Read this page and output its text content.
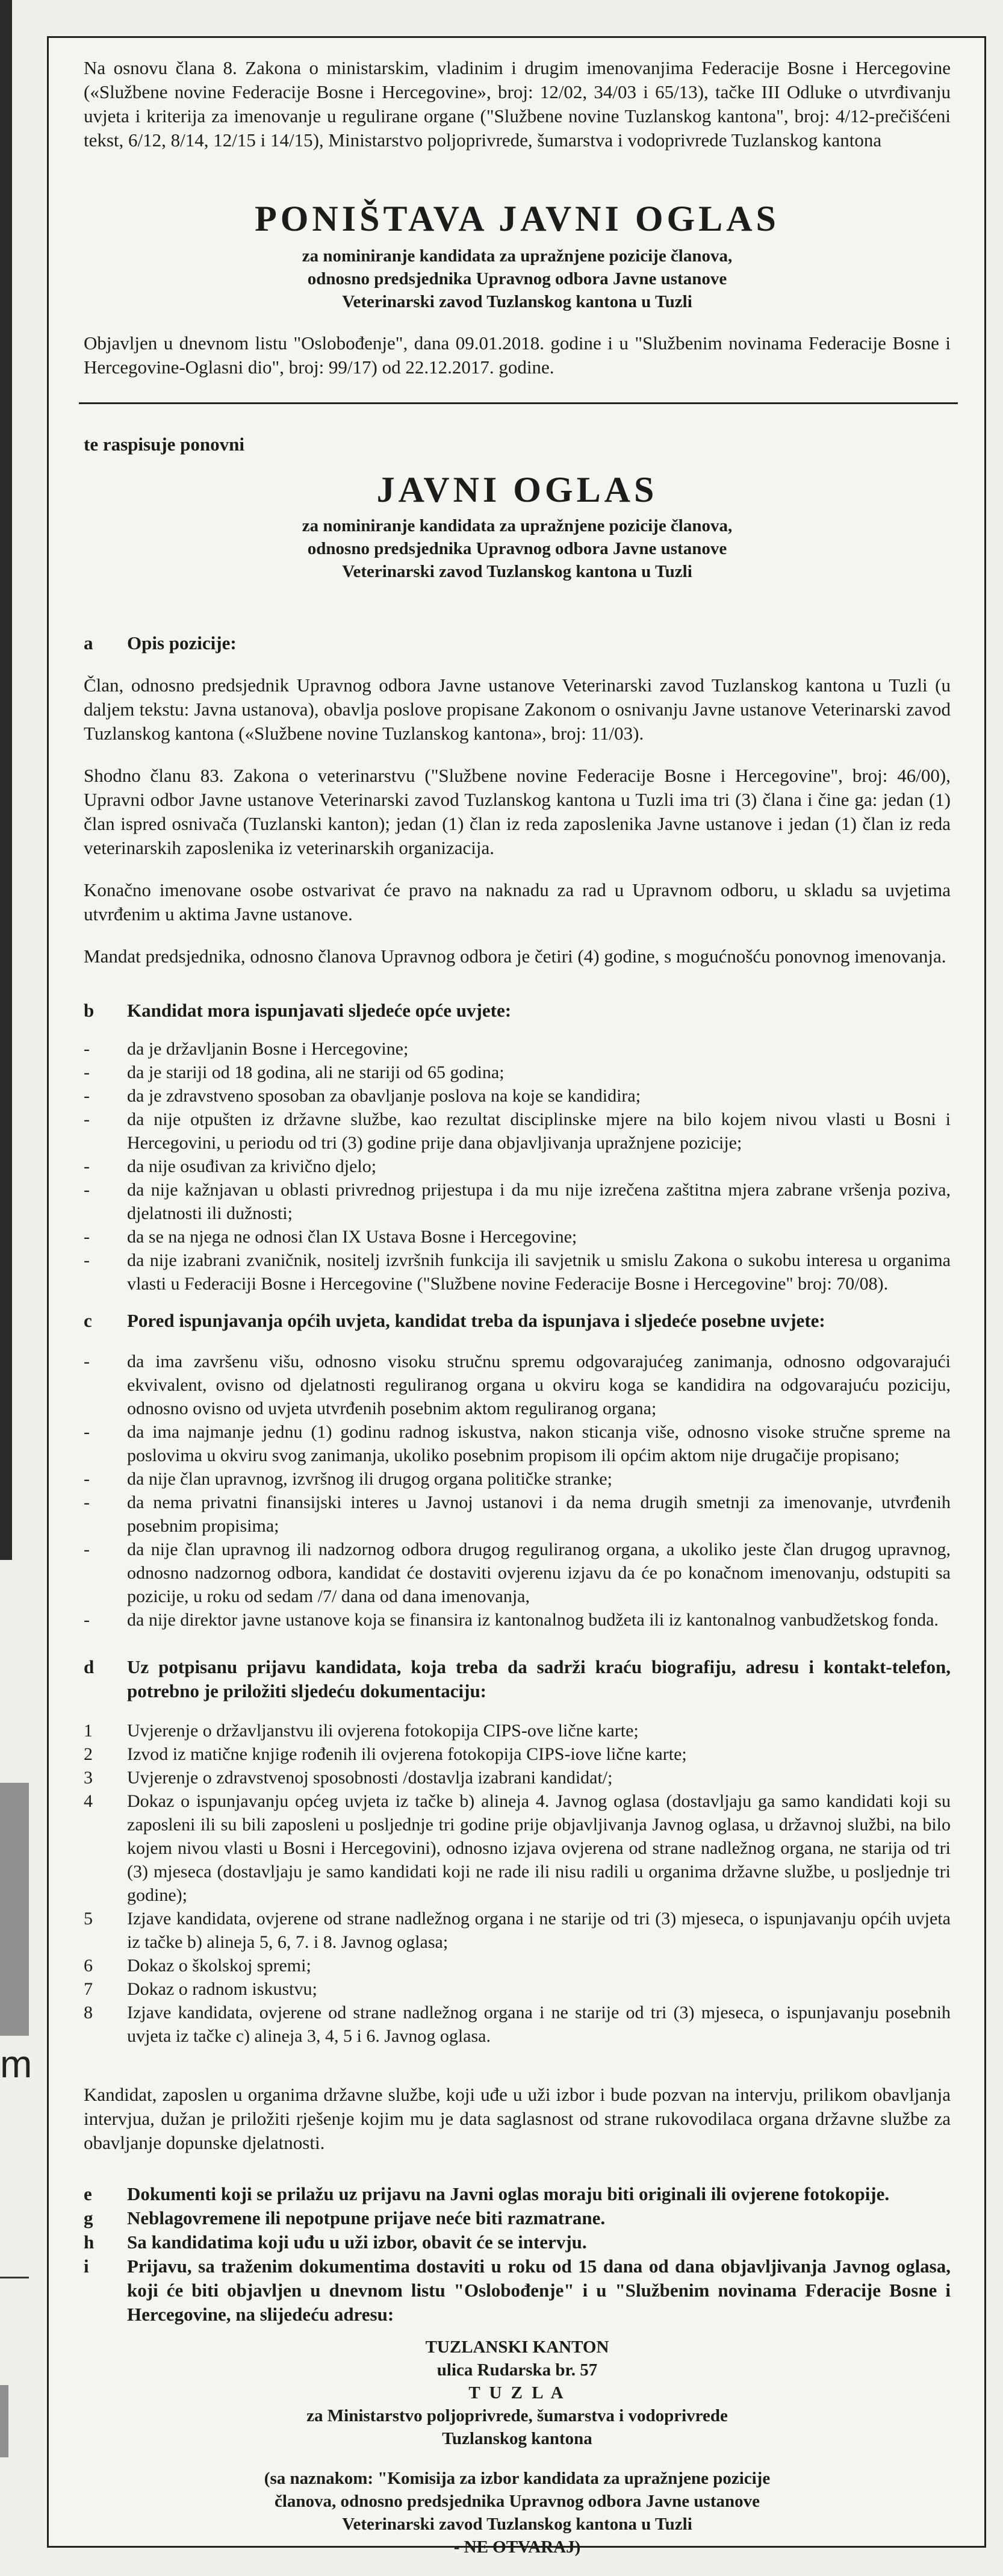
m

Na osnovu člana 8. Zakona o ministarskim, vladinim i drugim imenovanjima Federacije Bosne i Hercegovine («Službene novine Federacije Bosne i Hercegovine», broj: 12/02, 34/03 i 65/13), tačke III Odluke o utvrđivanju uvjeta i kriterija za imenovanje u regulirane organe ("Službene novine Tuzlanskog kantona", broj: 4/12-prečišćeni tekst, 6/12, 8/14, 12/15 i 14/15), Ministarstvo poljoprivrede, šumarstva i vodoprivrede Tuzlanskog kantona

PONIŠTAVA JAVNI OGLAS

za nominiranje kandidata za upražnjene pozicije članova,

odnosno predsjednika Upravnog odbora Javne ustanove

Veterinarski zavod Tuzlanskog kantona u Tuzli

Objavljen u dnevnom listu "Oslobođenje", dana 09.01.2018. godine i u "Službenim novinama Federacije Bosne i Hercegovine-Oglasni dio", broj: 99/17) od 22.12.2017. godine.

te raspisuje ponovni

JAVNI OGLAS

za nominiranje kandidata za upražnjene pozicije članova,

odnosno predsjednika Upravnog odbora Javne ustanove

Veterinarski zavod Tuzlanskog kantona u Tuzli

a Opis pozicije:

Član, odnosno predsjednik Upravnog odbora Javne ustanove Veterinarski zavod Tuzlanskog kantona u Tuzli (u daljem tekstu: Javna ustanova), obavlja poslove propisane Zakonom o osnivanju Javne ustanove Veterinarski zavod Tuzlanskog kantona («Službene novine Tuzlanskog kantona», broj: 11/03).

Shodno članu 83. Zakona o veterinarstvu ("Službene novine Federacije Bosne i Hercegovine", broj: 46/00), Upravni odbor Javne ustanove Veterinarski zavod Tuzlanskog kantona u Tuzli ima tri (3) člana i čine ga: jedan (1) član ispred osnivača (Tuzlanski kanton); jedan (1) član iz reda zaposlenika Javne ustanove i jedan (1) član iz reda veterinarskih zaposlenika iz veterinarskih organizacija.

Konačno imenovane osobe ostvarivat će pravo na naknadu za rad u Upravnom odboru, u skladu sa uvjetima utvrđenim u aktima Javne ustanove.

Mandat predsjednika, odnosno članova Upravnog odbora je četiri (4) godine, s mogućnošću ponovnog imenovanja.

b Kandidat mora ispunjavati sljedeće opće uvjete:

-	da je državljanin Bosne i Hercegovine;
-	da je stariji od 18 godina, ali ne stariji od 65 godina;
-	da je zdravstveno sposoban za obavljanje poslova na koje se kandidira;
-	da nije otpušten iz državne službe, kao rezultat disciplinske mjere na bilo kojem nivou vlasti u Bosni i Hercegovini, u periodu od tri (3) godine prije dana objavljivanja upražnjene pozicije;
-	da nije osuđivan za krivično djelo;
-	da nije kažnjavan u oblasti privrednog prijestupa i da mu nije izrečena zaštitna mjera zabrane vršenja poziva, djelatnosti ili dužnosti;
-	da se na njega ne odnosi član IX Ustava Bosne i Hercegovine;
-	da nije izabrani zvaničnik, nositelj izvršnih funkcija ili savjetnik u smislu Zakona o sukobu interesa u organima vlasti u Federaciji Bosne i Hercegovine ("Službene novine Federacije Bosne i Hercegovine" broj: 70/08).

c Pored ispunjavanja općih uvjeta, kandidat treba da ispunjava i sljedeće posebne uvjete:

-	da ima završenu višu, odnosno visoku stručnu spremu odgovarajućeg zanimanja, odnosno odgovarajući ekvivalent, ovisno od djelatnosti reguliranog organa u okviru koga se kandidira na odgovarajuću poziciju, odnosno ovisno od uvjeta utvrđenih posebnim aktom reguliranog organa;
-	da ima najmanje jednu (1) godinu radnog iskustva, nakon sticanja više, odnosno visoke stručne spreme na poslovima u okviru svog zanimanja, ukoliko posebnim propisom ili općim aktom nije drugačije propisano;
-	da nije član upravnog, izvršnog ili drugog organa političke stranke;
-	da nema privatni finansijski interes u Javnoj ustanovi i da nema drugih smetnji za imenovanje, utvrđenih posebnim propisima;
-	da nije član upravnog ili nadzornog odbora drugog reguliranog organa, a ukoliko jeste član drugog upravnog, odnosno nadzornog odbora, kandidat će dostaviti ovjerenu izjavu da će po konačnom imenovanju, odstupiti sa pozicije, u roku od sedam /7/ dana od dana imenovanja,
-	da nije direktor javne ustanove koja se finansira iz kantonalnog budžeta ili iz kantonalnog vanbudžetskog fonda.
d	Uz potpisanu prijavu kandidata, koja treba da sadrži kraću biografiju, adresu i kontakt-telefon, potrebno je priložiti sljedeću dokumentaciju:
1	Uvjerenje o državljanstvu ili ovjerena fotokopija CIPS-ove lične karte;
2	Izvod iz matične knjige rođenih ili ovjerena fotokopija CIPS-iove lične karte;
3	Uvjerenje o zdravstvenoj sposobnosti /dostavlja izabrani kandidat/;
4	Dokaz o ispunjavanju općeg uvjeta iz tačke b) alineja 4. Javnog oglasa (dostavljaju ga samo kandidati koji su zaposleni ili su bili zaposleni u posljednje tri godine prije objavljivanja Javnog oglasa, u državnoj službi, na bilo kojem nivou vlasti u Bosni i Hercegovini), odnosno izjava ovjerena od strane nadležnog organa, ne starija od tri (3) mjeseca (dostavljaju je samo kandidati koji ne rade ili nisu radili u organima državne službe, u posljednje tri godine);
5	Izjave kandidata, ovjerene od strane nadležnog organa i ne starije od tri (3) mjeseca, o ispunjavanju općih uvjeta iz tačke b) alineja 5, 6, 7. i 8. Javnog oglasa;
6	Dokaz o školskoj spremi;
7	Dokaz o radnom iskustvu;
8	Izjave kandidata, ovjerene od strane nadležnog organa i ne starije od tri (3) mjeseca, o ispunjavanju posebnih uvjeta iz tačke c) alineja 3, 4, 5 i 6. Javnog oglasa.

Kandidat, zaposlen u organima državne službe, koji uđe u uži izbor i bude pozvan na intervju, prilikom obavljanja intervjua, dužan je priložiti rješenje kojim mu je data saglasnost od strane rukovodilaca organa državne službe za obavljanje dopunske djelatnosti.

e	Dokumenti koji se prilažu uz prijavu na Javni oglas moraju biti originali ili ovjerene fotokopije.
g	Neblagovremene ili nepotpune prijave neće biti razmatrane.
h	Sa kandidatima koji uđu u uži izbor, obavit će se intervju.
i	Prijavu, sa traženim dokumentima dostaviti u roku od 15 dana od dana objavljivanja Javnog oglasa, koji će biti objavljen u dnevnom listu "Oslobođenje" i u "Službenim novinama Fderacije Bosne i Hercegovine, na slijedeću adresu:

TUZLANSKI KANTON

ulica Rudarska br. 57

T U Z L A

za Ministarstvo poljoprivrede, šumarstva i vodoprivrede

Tuzlanskog kantona

(sa naznakom: "Komisija za izbor kandidata za upražnjene pozicije

članova, odnosno predsjednika Upravnog odbora Javne ustanove

Veterinarski zavod Tuzlanskog kantona u Tuzli

- NE OTVARAJ)
